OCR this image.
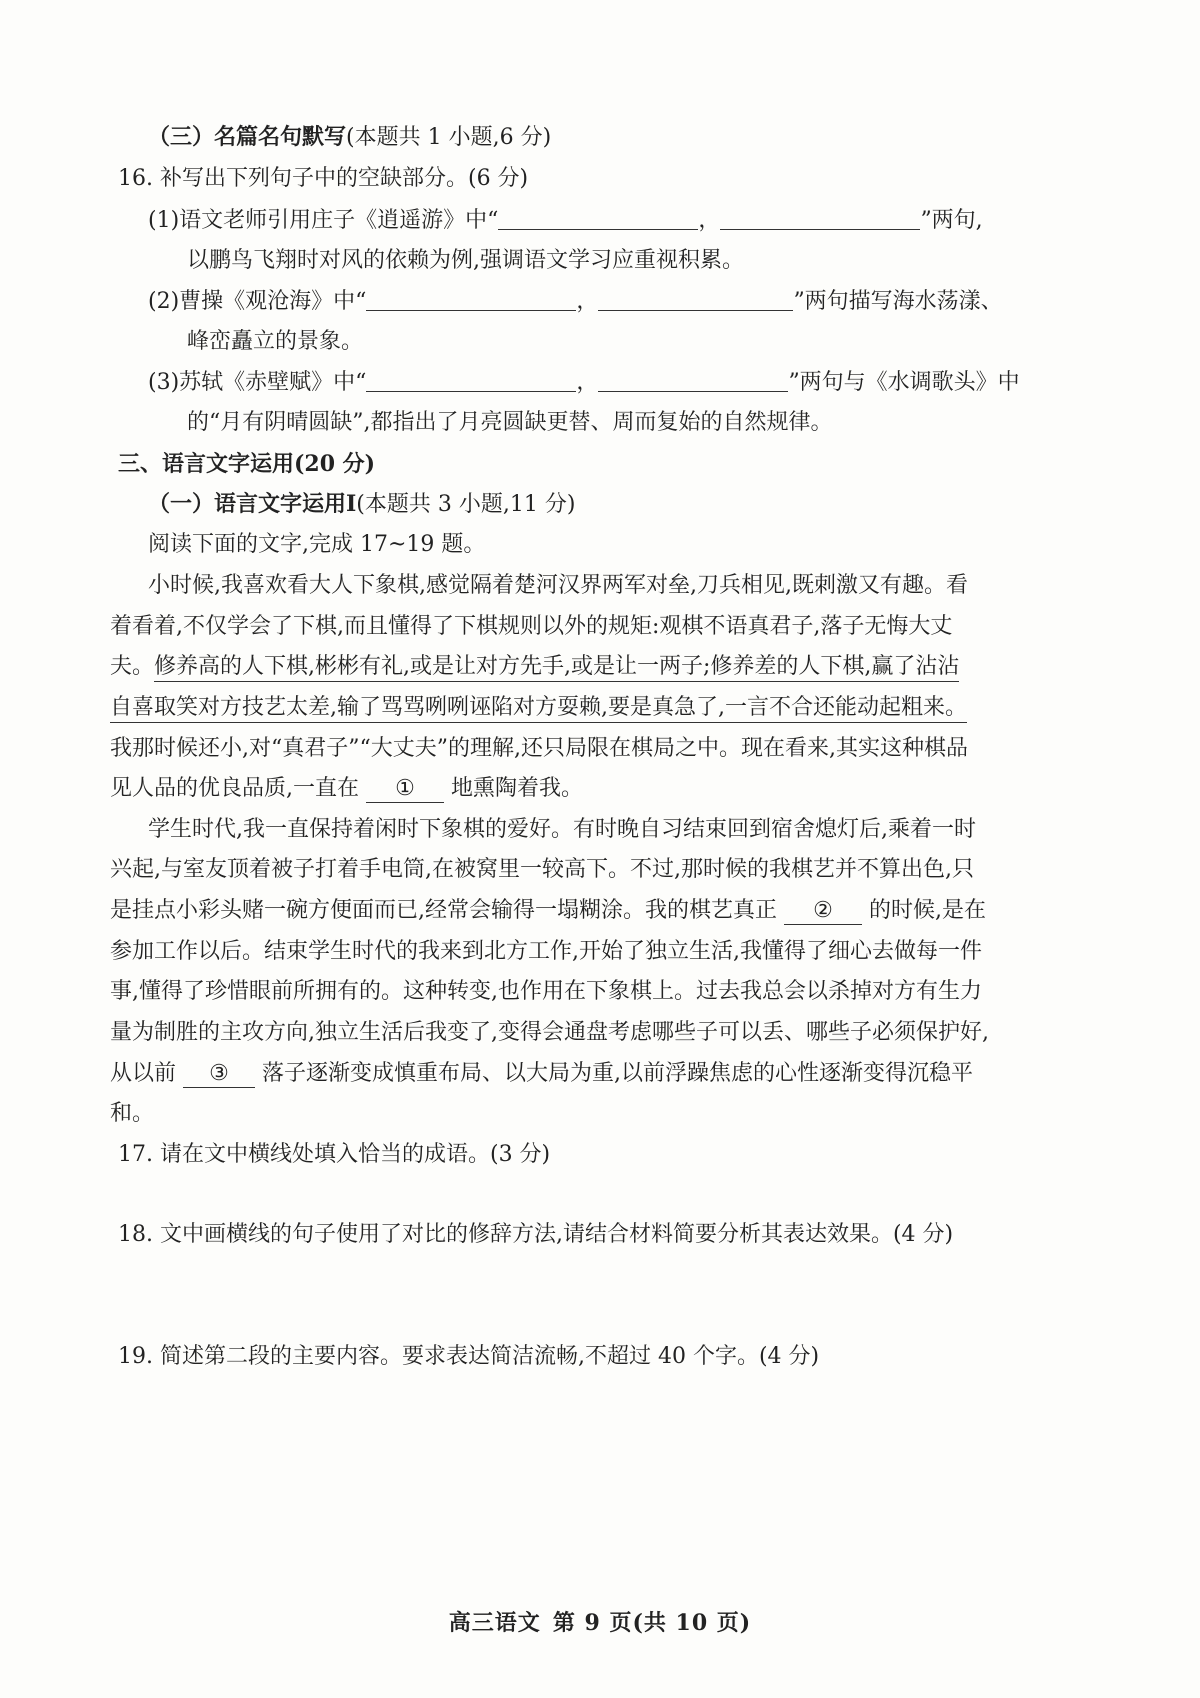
（三）名篇名句默写(本题共 1 小题,6 分)
16. 补写出下列句子中的空缺部分。(6 分)
(1)语文老师引用庄子《逍遥游》中“	，	”两句,
以鹏鸟飞翔时对风的依赖为例,强调语文学习应重视积累。
(2)曹操《观沧海》中“	，	”两句描写海水荡漾、
峰峦矗立的景象。
(3)苏轼《赤壁赋》中“	，	”两句与《水调歌头》中
的“月有阴晴圆缺”,都指出了月亮圆缺更替、周而复始的自然规律。
三、语言文字运用(20 分)
（一）语言文字运用Ⅰ(本题共 3 小题,11 分)
阅读下面的文字,完成 17~19 题。
小时候,我喜欢看大人下象棋,感觉隔着楚河汉界两军对垒,刀兵相见,既刺激又有趣。看
着看着,不仅学会了下棋,而且懂得了下棋规则以外的规矩:观棋不语真君子,落子无悔大丈
夫。修养高的人下棋,彬彬有礼,或是让对方先手,或是让一两子;修养差的人下棋,赢了沾沾
自喜取笑对方技艺太差,输了骂骂咧咧诬陷对方耍赖,要是真急了,一言不合还能动起粗来。
我那时候还小,对“真君子”“大丈夫”的理解,还只局限在棋局之中。现在看来,其实这种棋品
见人品的优良品质,一直在 ① 地熏陶着我。
学生时代,我一直保持着闲时下象棋的爱好。有时晚自习结束回到宿舍熄灯后,乘着一时
兴起,与室友顶着被子打着手电筒,在被窝里一较高下。不过,那时候的我棋艺并不算出色,只
是挂点小彩头赌一碗方便面而已,经常会输得一塌糊涂。我的棋艺真正 ② 的时候,是在
参加工作以后。结束学生时代的我来到北方工作,开始了独立生活,我懂得了细心去做每一件
事,懂得了珍惜眼前所拥有的。这种转变,也作用在下象棋上。过去我总会以杀掉对方有生力
量为制胜的主攻方向,独立生活后我变了,变得会通盘考虑哪些子可以丢、哪些子必须保护好,
从以前 ③ 落子逐渐变成慎重布局、以大局为重,以前浮躁焦虑的心性逐渐变得沉稳平
和。
17. 请在文中横线处填入恰当的成语。(3 分)
18. 文中画横线的句子使用了对比的修辞方法,请结合材料简要分析其表达效果。(4 分)
19. 简述第二段的主要内容。要求表达简洁流畅,不超过 40 个字。(4 分)
高三语文 第 9 页(共 10 页)
